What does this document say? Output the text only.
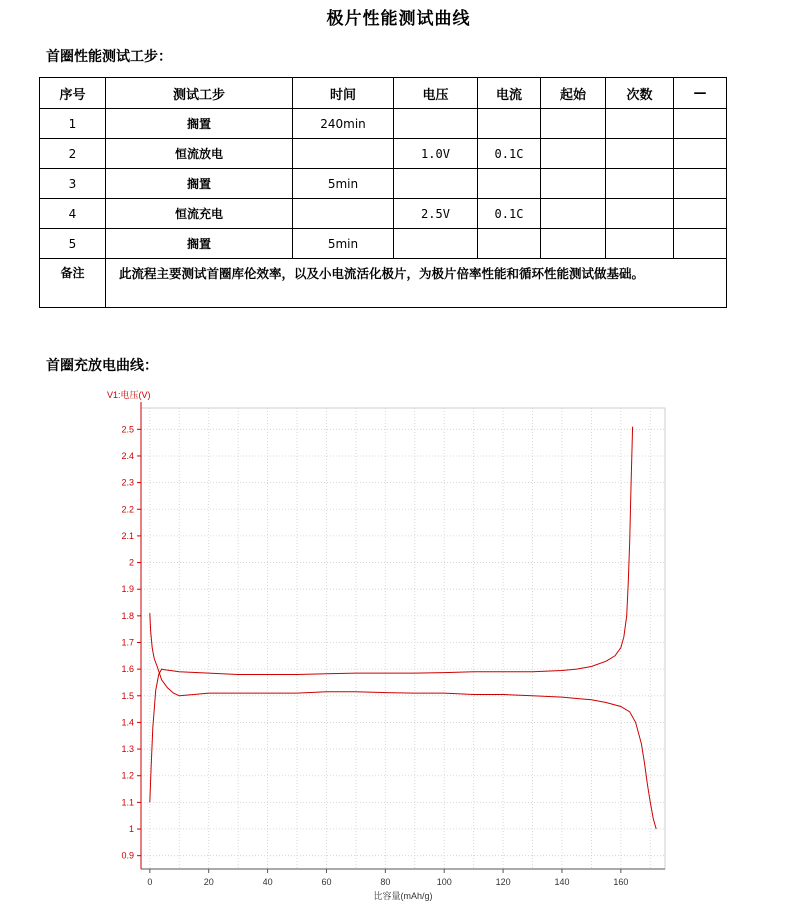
极片性能测试曲线
首圈性能测试工步：
序号	测试工步	时间	电压	电流	起始	次数	—
1	搁置	240min					
2	恒流放电		1.0V	0.1C			
3	搁置	5min					
4	恒流充电		2.5V	0.1C			
5	搁置	5min					
备注	此流程主要测试首圈库伦效率，以及小电流活化极片，为极片倍率性能和循环性能测试做基础。						
首圈充放电曲线：
0.9
1
1.1
1.2
1.3
1.4
1.5
1.6
1.7
1.8
1.9
2
2.1
2.2
2.3
2.4
2.5
0	20	40	60	80	100	120	140	160
V1:电压(V)
比容量(mAh/g)
